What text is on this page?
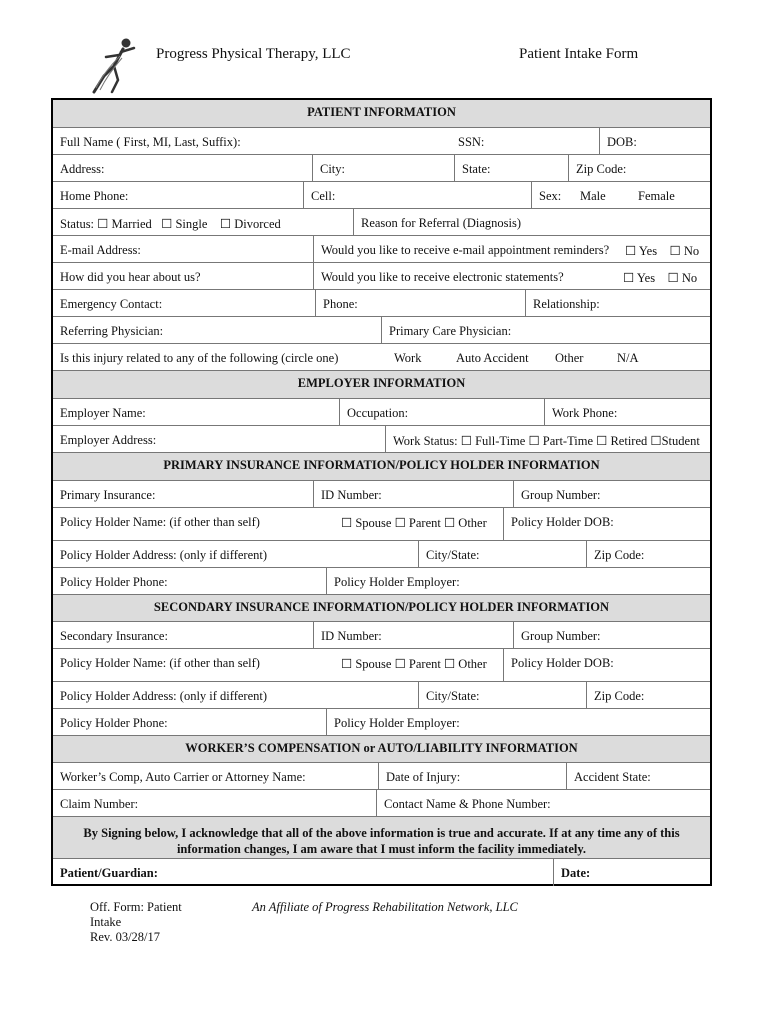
Progress Physical Therapy, LLC	Patient Intake Form
PATIENT INFORMATION
Full Name ( First, MI, Last, Suffix):	SSN:	DOB:
Address:	City:	State:	Zip Code:
Home Phone:	Cell:	Sex: Male	Female
Status: ☐ Married   ☐ Single    ☐ Divorced	Reason for Referral (Diagnosis)
E-mail Address:	Would you like to receive e-mail appointment reminders? ☐ Yes    ☐ No
How did you hear about us?	Would you like to receive electronic statements?	☐ Yes    ☐ No
Emergency Contact:	Phone:	Relationship:
Referring Physician:	Primary Care Physician:
Is this injury related to any of the following (circle one)	Work	Auto Accident Other	N/A
EMPLOYER INFORMATION
Employer Name:	Occupation:	Work Phone:
Employer Address:	Work Status: ☐ Full-Time ☐ Part-Time ☐ Retired ☐Student
PRIMARY INSURANCE INFORMATION/POLICY HOLDER INFORMATION
Primary Insurance:	ID Number:	Group Number:
Policy Holder Name: (if other than self)	☐ Spouse ☐ Parent ☐ Other	Policy Holder DOB:
Policy Holder Address: (only if different)	City/State:	Zip Code:
Policy Holder Phone:	Policy Holder Employer:
SECONDARY INSURANCE INFORMATION/POLICY HOLDER INFORMATION
Secondary Insurance:	ID Number:	Group Number:
Policy Holder Name: (if other than self)	☐ Spouse ☐ Parent ☐ Other	Policy Holder DOB:
Policy Holder Address: (only if different)	City/State:	Zip Code:
Policy Holder Phone:	Policy Holder Employer:
WORKER’S COMPENSATION or AUTO/LIABILITY INFORMATION
Worker’s Comp, Auto Carrier or Attorney Name:	Date of Injury:	Accident State:
Claim Number:	Contact Name & Phone Number:
By Signing below, I acknowledge that all of the above information is true and accurate. If at any time any of this
information changes, I am aware that I must inform the facility immediately.
Patient/Guardian:	Date:
Off. Form: Patient
Intake
Rev. 03/28/17
An Affiliate of Progress Rehabilitation Network, LLC
